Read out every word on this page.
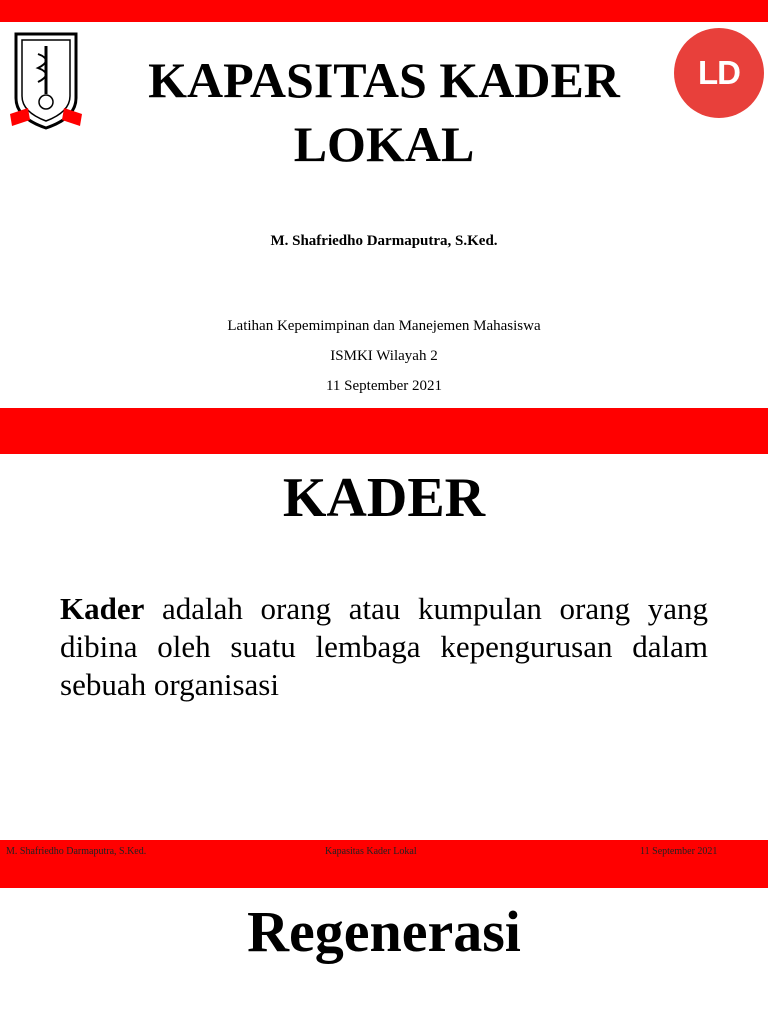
KAPASITAS KADER LOKAL
LD
M. Shafriedho Darmaputra, S.Ked.
Latihan Kepemimpinan dan Manejemen Mahasiswa
ISMKI Wilayah 2
11 September 2021
KADER
Kader adalah orang atau kumpulan orang yang dibina oleh suatu lembaga kepengurusan dalam sebuah organisasi
M. Shafriedho Darmaputra, S.Ked.	Kapasitas Kader Lokal	11 September 2021
Regenerasi
